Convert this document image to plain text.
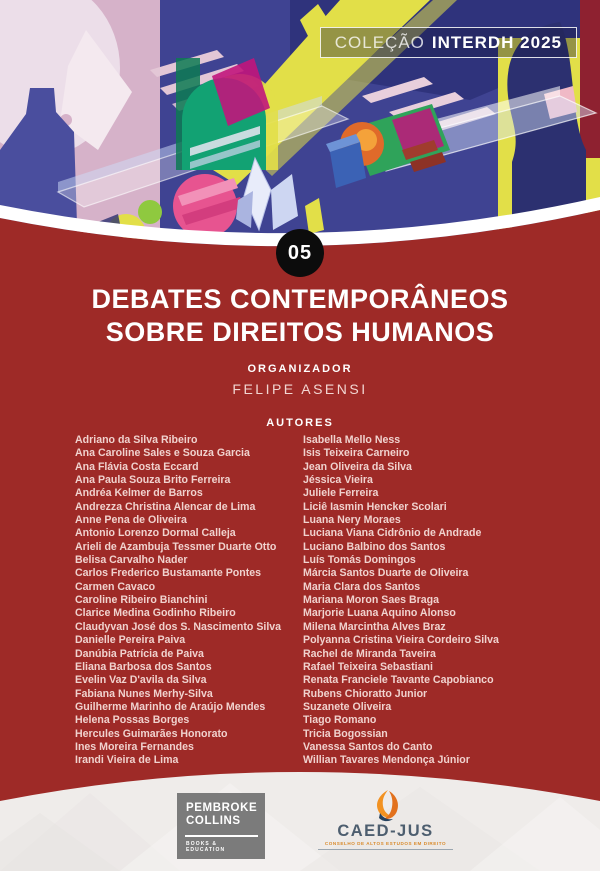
COLEÇÃO INTERDH 2025
05
DEBATES CONTEMPORÂNEOS
SOBRE DIREITOS HUMANOS
ORGANIZADOR
FELIPE ASENSI
AUTORES
Adriano da Silva Ribeiro
Ana Caroline Sales e Souza Garcia
Ana Flávia Costa Eccard
Ana Paula Souza Brito Ferreira
Andréa Kelmer de Barros
Andrezza Christina Alencar de Lima
Anne Pena de Oliveira
Antonio Lorenzo Dormal Calleja
Arieli de Azambuja Tessmer Duarte Otto
Belisa Carvalho Nader
Carlos Frederico Bustamante Pontes
Carmen Cavaco
Caroline Ribeiro Bianchini
Clarice Medina Godinho Ribeiro
Claudyvan José dos S. Nascimento Silva
Danielle Pereira Paiva
Danúbia Patrícia de Paiva
Eliana Barbosa dos Santos
Evelin Vaz D'avila da Silva
Fabiana Nunes Merhy-Silva
Guilherme Marinho de Araújo Mendes
Helena Possas Borges
Hercules Guimarães Honorato
Ines Moreira Fernandes
Irandi Vieira de Lima
Isabella Mello Ness
Isis Teixeira Carneiro
Jean Oliveira da Silva
Jéssica Vieira
Juliele Ferreira
Liciê Iasmin Hencker Scolari
Luana Nery Moraes
Luciana Viana Cidrônio de Andrade
Luciano Balbino dos Santos
Luís Tomás Domingos
Márcia Santos Duarte de Oliveira
Maria Clara dos Santos
Mariana Moron Saes Braga
Marjorie Luana Aquino Alonso
Milena Marcintha Alves Braz
Polyanna Cristina Vieira Cordeiro Silva
Rachel de Miranda Taveira
Rafael Teixeira Sebastiani
Renata Franciele Tavante Capobianco
Rubens Chioratto Junior
Suzanete Oliveira
Tiago Romano
Tricia Bogossian
Vanessa Santos do Canto
Willian Tavares Mendonça Júnior
PEMBROKE
COLLINS
BOOKS & EDUCATION
CAED-JUS
CONSELHO DE ALTOS ESTUDOS EM DIREITO
